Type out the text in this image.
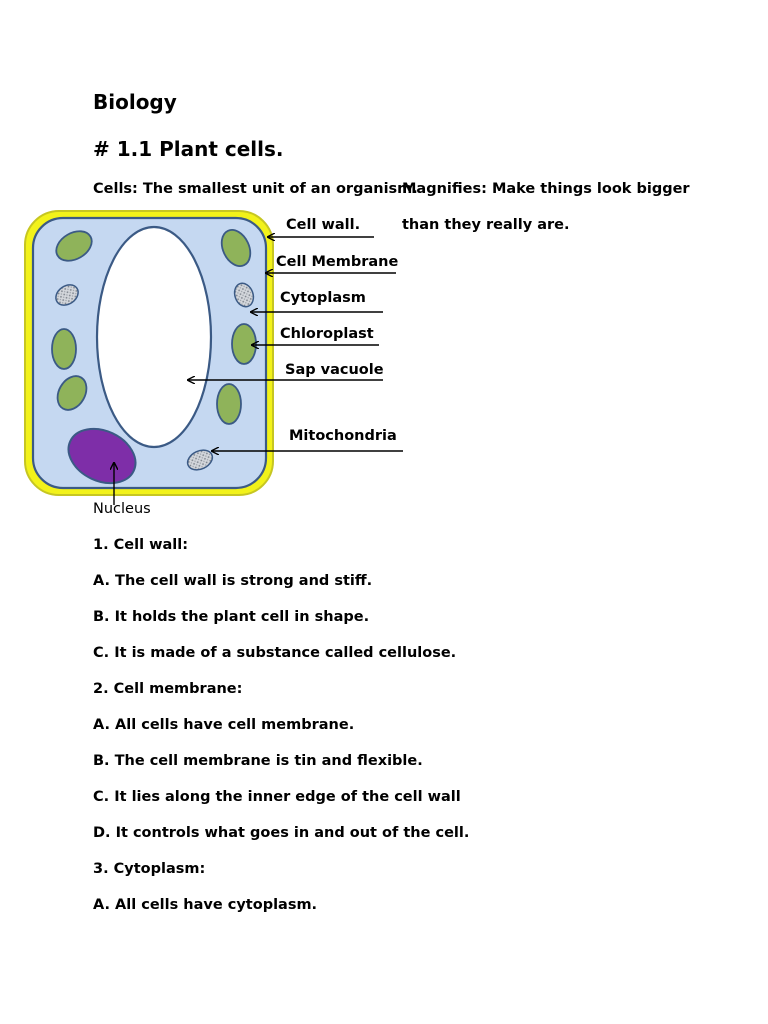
Biology
# 1.1 Plant cells.
Cells: The smallest unit of an organism.
Magnifies: Make things look bigger
than they really are.
Cell wall.
Cell Membrane
Cytoplasm
Chloroplast
Sap vacuole
Mitochondria
Nucleus
1. Cell wall:
A. The cell wall is strong and stiff.
B. It holds the plant cell in shape.
C. It is made of a substance called cellulose.
2. Cell membrane:
A. All cells have cell membrane.
B. The cell membrane is tin and flexible.
C. It lies along the inner edge of the cell wall
D. It controls what goes in and out of the cell.
3. Cytoplasm:
A. All cells have cytoplasm.
